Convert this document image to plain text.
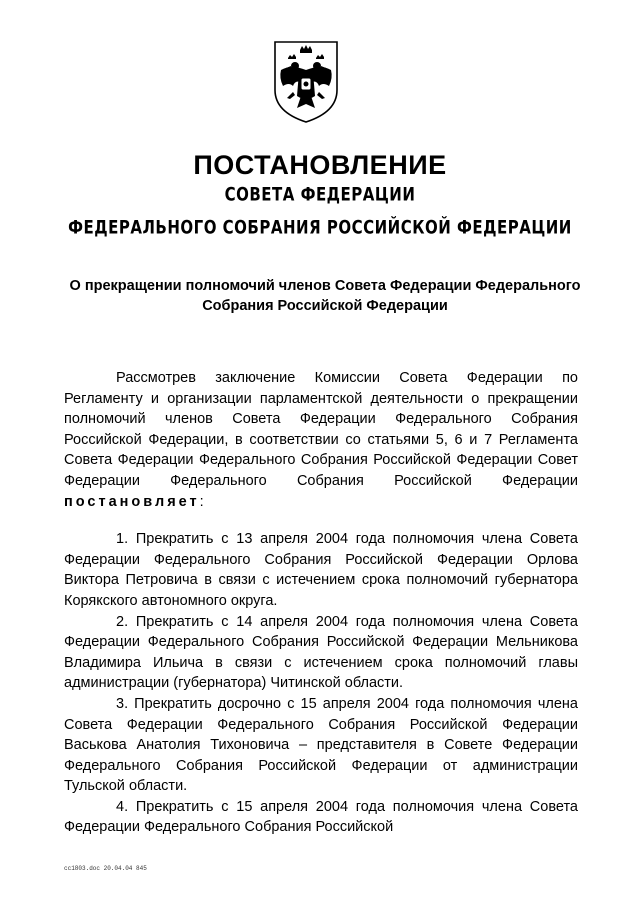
ПОСТАНОВЛЕНИЕ
СОВЕТА ФЕДЕРАЦИИ
ФЕДЕРАЛЬНОГО СОБРАНИЯ РОССИЙСКОЙ ФЕДЕРАЦИИ
О прекращении полномочий членов Совета Федерации Федерального Собрания Российской Федерации

Рассмотрев заключение Комиссии Совета Федерации по Регламенту и организации парламентской деятельности о прекращении полномочий членов Совета Федерации Федерального Собрания Российской Федерации, в соответствии со статьями 5, 6 и 7 Регламента Совета Федерации Федерального Собрания Российской Федерации Совет Федерации Федерального Собрания Российской Федерации постановляет:

1. Прекратить с 13 апреля 2004 года полномочия члена Совета Федерации Федерального Собрания Российской Федерации Орлова Виктора Петровича в связи с истечением срока полномочий губернатора Корякского автономного округа.

2. Прекратить с 14 апреля 2004 года полномочия члена Совета Федерации Федерального Собрания Российской Федерации Мельникова Владимира Ильича в связи с истечением срока полномочий главы администрации (губернатора) Читинской области.

3. Прекратить досрочно с 15 апреля 2004 года полномочия члена Совета Федерации Федерального Собрания Российской Федерации Васькова Анатолия Тихоновича – представителя в Совете Федерации Федерального Собрания Российской Федерации от администрации Тульской области.

4. Прекратить с 15 апреля 2004 года полномочия члена Совета Федерации Федерального Собрания Российской

сс1803.doc 20.04.04 845
